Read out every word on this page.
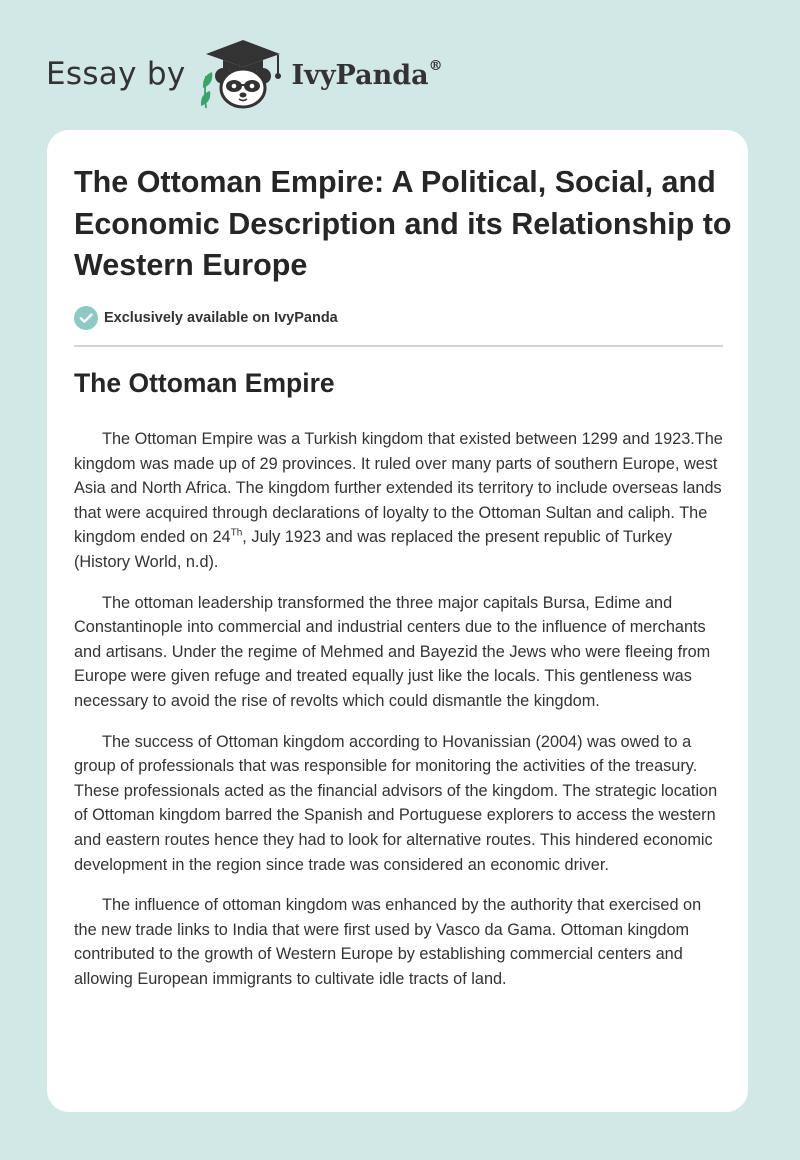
Essay by	IvyPanda®
The Ottoman Empire: A Political, Social, and Economic Description and its Relationship to Western Europe
Exclusively available on IvyPanda
The Ottoman Empire

The Ottoman Empire was a Turkish kingdom that existed between 1299 and 1923.The kingdom was made up of 29 provinces. It ruled over many parts of southern Europe, west Asia and North Africa. The kingdom further extended its territory to include overseas lands that were acquired through declarations of loyalty to the Ottoman Sultan and caliph. The kingdom ended on 24Th, July 1923 and was replaced the present republic of Turkey (History World, n.d).

The ottoman leadership transformed the three major capitals Bursa, Edime and Constantinople into commercial and industrial centers due to the influence of merchants and artisans. Under the regime of Mehmed and Bayezid the Jews who were fleeing from Europe were given refuge and treated equally just like the locals. This gentleness was necessary to avoid the rise of revolts which could dismantle the kingdom.

The success of Ottoman kingdom according to Hovanissian (2004) was owed to a group of professionals that was responsible for monitoring the activities of the treasury. These professionals acted as the financial advisors of the kingdom. The strategic location of Ottoman kingdom barred the Spanish and Portuguese explorers to access the western and eastern routes hence they had to look for alternative routes. This hindered economic development in the region since trade was considered an economic driver.

The influence of ottoman kingdom was enhanced by the authority that exercised on the new trade links to India that were first used by Vasco da Gama. Ottoman kingdom contributed to the growth of Western Europe by establishing commercial centers and allowing European immigrants to cultivate idle tracts of land.
